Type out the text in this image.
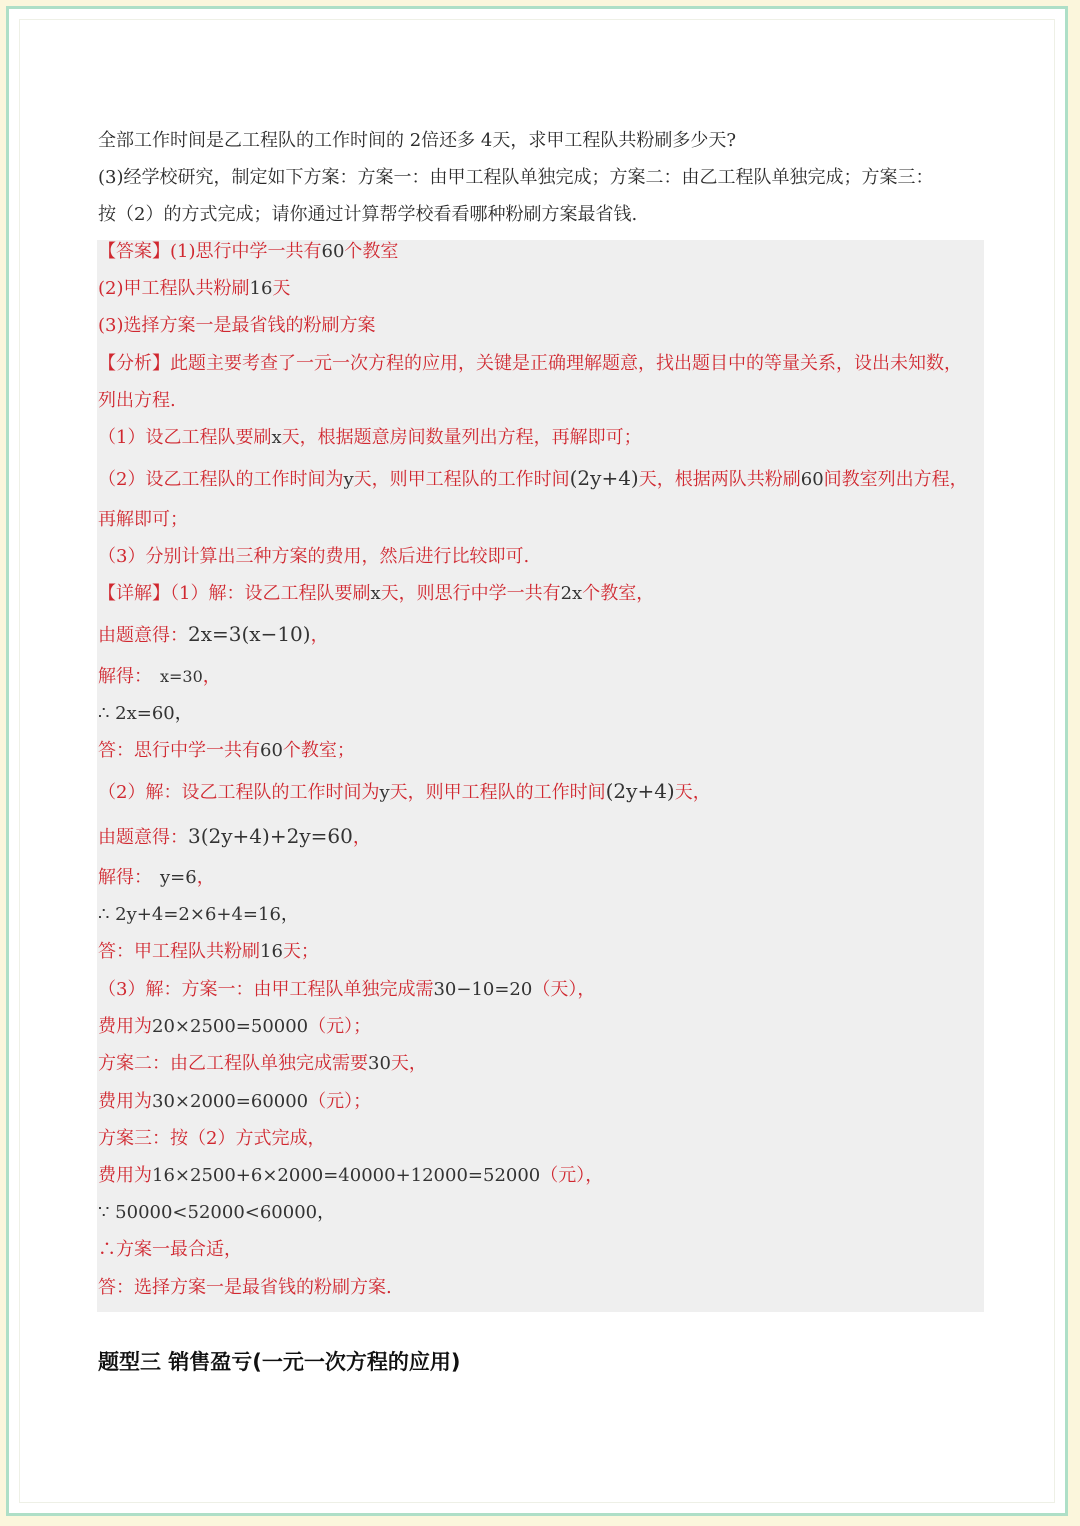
全部工作时间是乙工程队的工作时间的 2倍还多 4天，求甲工程队共粉刷多少天?
(3)经学校研究，制定如下方案：方案一：由甲工程队单独完成；方案二：由乙工程队单独完成；方案三：
按（2）的方式完成；请你通过计算帮学校看看哪种粉刷方案最省钱.
【答案】(1)思行中学一共有60个教室
(2)甲工程队共粉刷16天
(3)选择方案一是最省钱的粉刷方案
【分析】此题主要考查了一元一次方程的应用，关键是正确理解题意，找出题目中的等量关系，设出未知数，
列出方程.
（1）设乙工程队要刷x天，根据题意房间数量列出方程，再解即可；
（2）设乙工程队的工作时间为y天，则甲工程队的工作时间(2y+4)天，根据两队共粉刷60间教室列出方程，
再解即可；
（3）分别计算出三种方案的费用，然后进行比较即可.
【详解】（1）解：设乙工程队要刷x天，则思行中学一共有2x个教室，
由题意得：2x=3(x−10)，
解得： x=30，
∴ 2x=60，
答：思行中学一共有60个教室；
（2）解：设乙工程队的工作时间为y天，则甲工程队的工作时间(2y+4)天，
由题意得：3(2y+4)+2y=60，
解得： y=6，
∴ 2y+4=2×6+4=16，
答：甲工程队共粉刷16天；
（3）解：方案一：由甲工程队单独完成需30−10=20（天），
费用为20×2500=50000（元）；
方案二：由乙工程队单独完成需要30天，
费用为30×2000=60000（元）；
方案三：按（2）方式完成，
费用为16×2500+6×2000=40000+12000=52000（元），
∵ 50000<52000<60000，
∴方案一最合适，
答：选择方案一是最省钱的粉刷方案.
题型三 销售盈亏(一元一次方程的应用)
